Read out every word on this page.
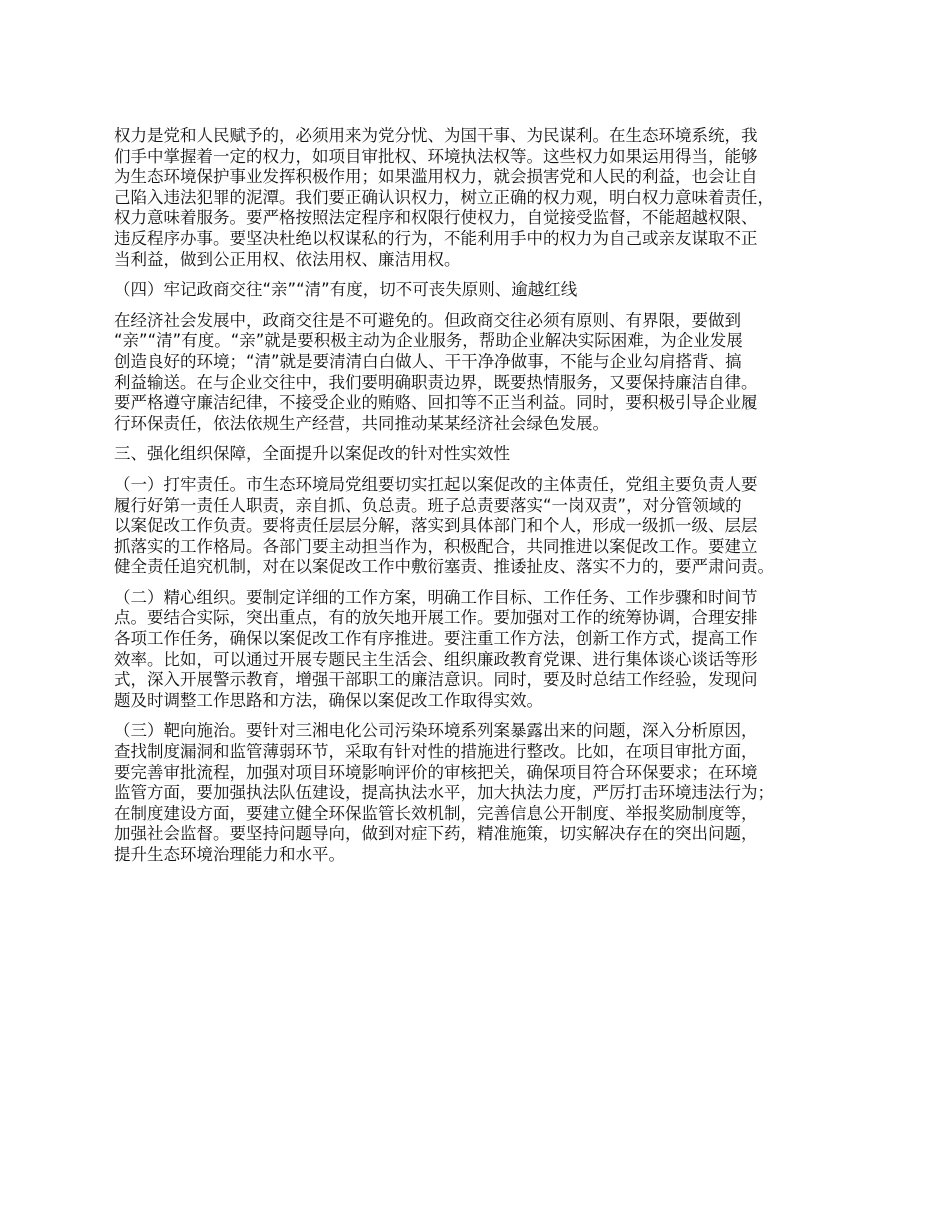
权力是党和人民赋予的，必须用来为党分忧、为国干事、为民谋利。在生态环境系统，我
们手中掌握着一定的权力，如项目审批权、环境执法权等。这些权力如果运用得当，能够
为生态环境保护事业发挥积极作用；如果滥用权力，就会损害党和人民的利益，也会让自
己陷入违法犯罪的泥潭。我们要正确认识权力，树立正确的权力观，明白权力意味着责任，
权力意味着服务。要严格按照法定程序和权限行使权力，自觉接受监督，不能超越权限、
违反程序办事。要坚决杜绝以权谋私的行为，不能利用手中的权力为自己或亲友谋取不正
当利益，做到公正用权、依法用权、廉洁用权。
（四）牢记政商交往“亲”“清”有度，切不可丧失原则、逾越红线
在经济社会发展中，政商交往是不可避免的。但政商交往必须有原则、有界限，要做到
“亲”“清”有度。“亲”就是要积极主动为企业服务，帮助企业解决实际困难，为企业发展
创造良好的环境；“清”就是要清清白白做人、干干净净做事，不能与企业勾肩搭背、搞
利益输送。在与企业交往中，我们要明确职责边界，既要热情服务，又要保持廉洁自律。
要严格遵守廉洁纪律，不接受企业的贿赂、回扣等不正当利益。同时，要积极引导企业履
行环保责任，依法依规生产经营，共同推动某某经济社会绿色发展。
三、强化组织保障，全面提升以案促改的针对性实效性
（一）打牢责任。市生态环境局党组要切实扛起以案促改的主体责任，党组主要负责人要
履行好第一责任人职责，亲自抓、负总责。班子总责要落实“一岗双责”，对分管领域的
以案促改工作负责。要将责任层层分解，落实到具体部门和个人，形成一级抓一级、层层
抓落实的工作格局。各部门要主动担当作为，积极配合，共同推进以案促改工作。要建立
健全责任追究机制，对在以案促改工作中敷衍塞责、推诿扯皮、落实不力的，要严肃问责。
（二）精心组织。要制定详细的工作方案，明确工作目标、工作任务、工作步骤和时间节
点。要结合实际，突出重点，有的放矢地开展工作。要加强对工作的统筹协调，合理安排
各项工作任务，确保以案促改工作有序推进。要注重工作方法，创新工作方式，提高工作
效率。比如，可以通过开展专题民主生活会、组织廉政教育党课、进行集体谈心谈话等形
式，深入开展警示教育，增强干部职工的廉洁意识。同时，要及时总结工作经验，发现问
题及时调整工作思路和方法，确保以案促改工作取得实效。
（三）靶向施治。要针对三湘电化公司污染环境系列案暴露出来的问题，深入分析原因，
查找制度漏洞和监管薄弱环节，采取有针对性的措施进行整改。比如，在项目审批方面，
要完善审批流程，加强对项目环境影响评价的审核把关，确保项目符合环保要求；在环境
监管方面，要加强执法队伍建设，提高执法水平，加大执法力度，严厉打击环境违法行为；
在制度建设方面，要建立健全环保监管长效机制，完善信息公开制度、举报奖励制度等，
加强社会监督。要坚持问题导向，做到对症下药，精准施策，切实解决存在的突出问题，
提升生态环境治理能力和水平。
